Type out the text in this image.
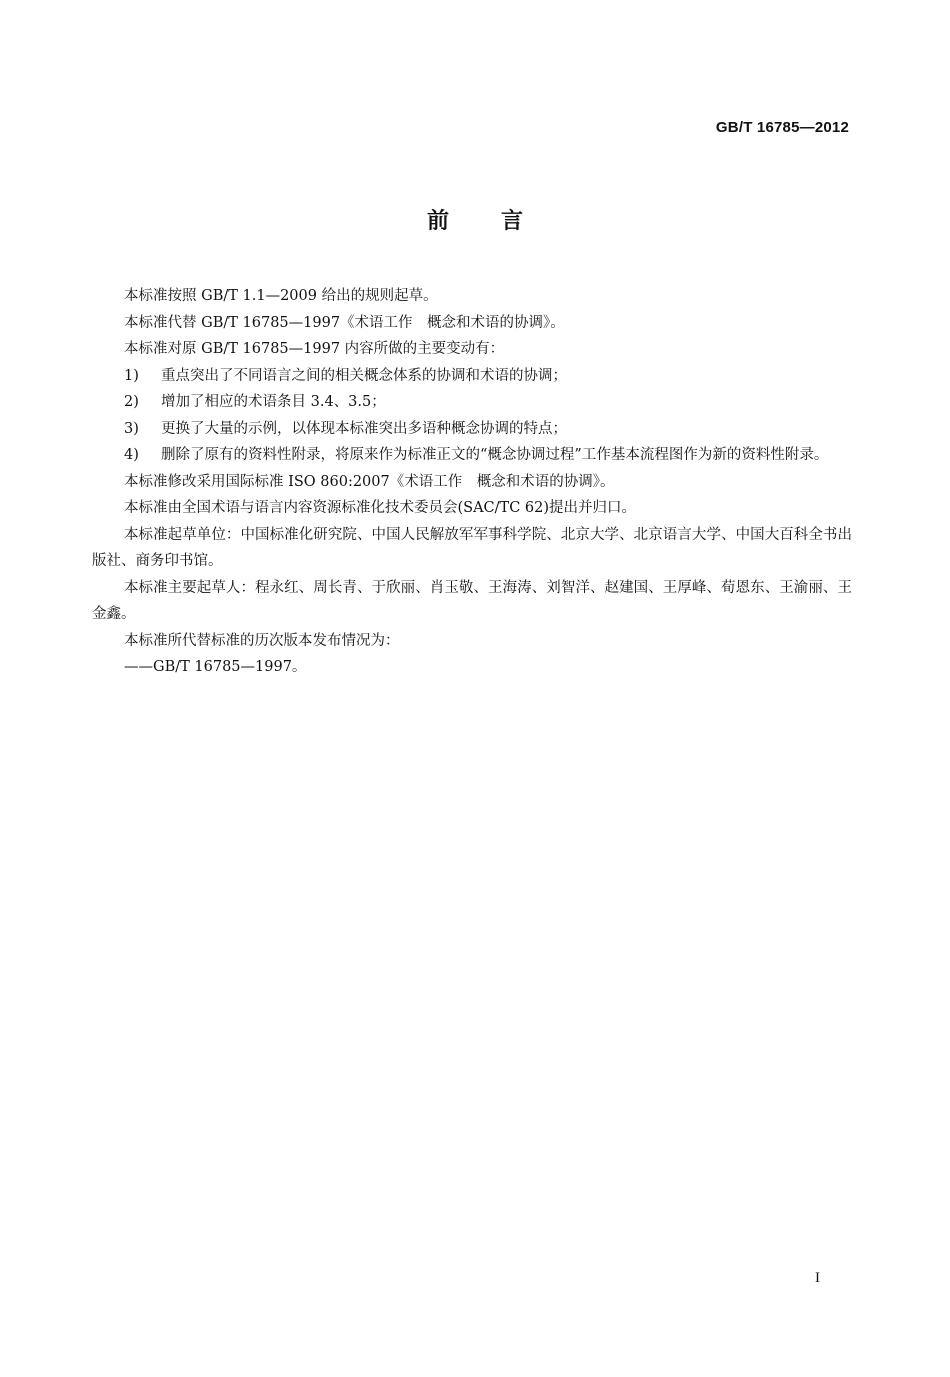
GB/T 16785—2012
前言

本标准按照 GB/T 1.1—2009 给出的规则起草。

本标准代替 GB/T 16785—1997《术语工作　概念和术语的协调》。

本标准对原 GB/T 16785—1997 内容所做的主要变动有：

1)	重点突出了不同语言之间的相关概念体系的协调和术语的协调；
2)	增加了相应的术语条目 3.4、3.5；
3)	更换了大量的示例，以体现本标准突出多语种概念协调的特点；
4)	删除了原有的资料性附录，将原来作为标准正文的“概念协调过程”工作基本流程图作为新的资料性附录。

本标准修改采用国际标准 ISO 860:2007《术语工作　概念和术语的协调》。

本标准由全国术语与语言内容资源标准化技术委员会(SAC/TC 62)提出并归口。

本标准起草单位：中国标准化研究院、中国人民解放军军事科学院、北京大学、北京语言大学、中国大百科全书出版社、商务印书馆。

本标准主要起草人：程永红、周长青、于欣丽、肖玉敬、王海涛、刘智洋、赵建国、王厚峰、荀恩东、王渝丽、王金鑫。

本标准所代替标准的历次版本发布情况为：

——GB/T 16785—1997。

I
